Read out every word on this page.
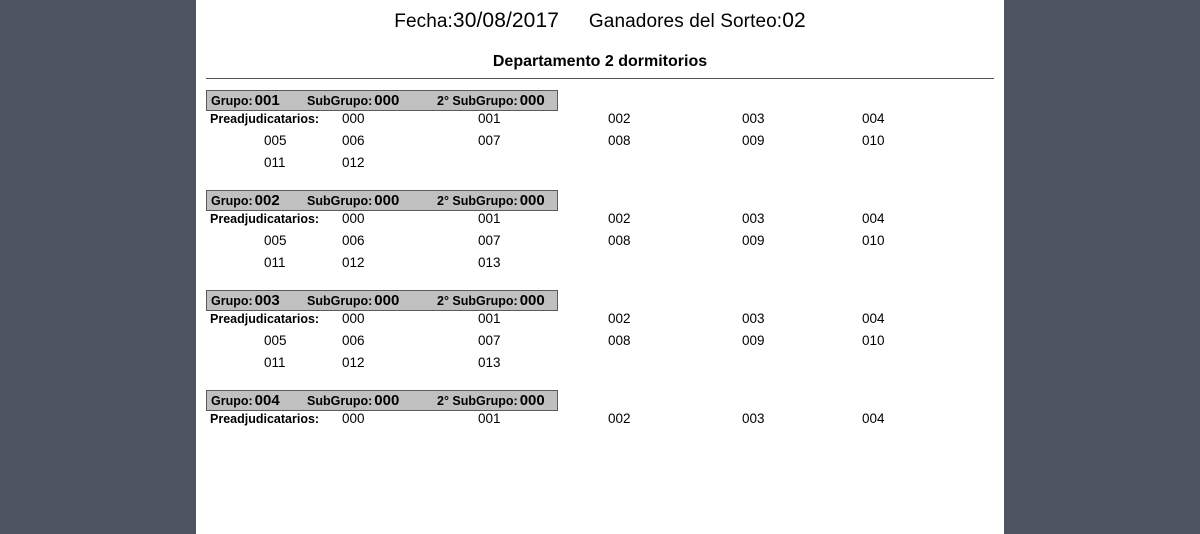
Fecha:30/08/2017 Ganadores del Sorteo:02
Departamento 2 dormitorios
Grupo: 001 SubGrupo: 000	2° SubGrupo: 000
Preadjudicatarios:	000	001	002	003	004
005	006	007	008	009	010
011	012
Grupo: 002 SubGrupo: 000	2° SubGrupo: 000
Preadjudicatarios:	000	001	002	003	004
005	006	007	008	009	010
011	012	013
Grupo: 003 SubGrupo: 000	2° SubGrupo: 000
Preadjudicatarios:	000	001	002	003	004
005	006	007	008	009	010
011	012	013
Grupo: 004 SubGrupo: 000	2° SubGrupo: 000
Preadjudicatarios:	000	001	002	003	004
